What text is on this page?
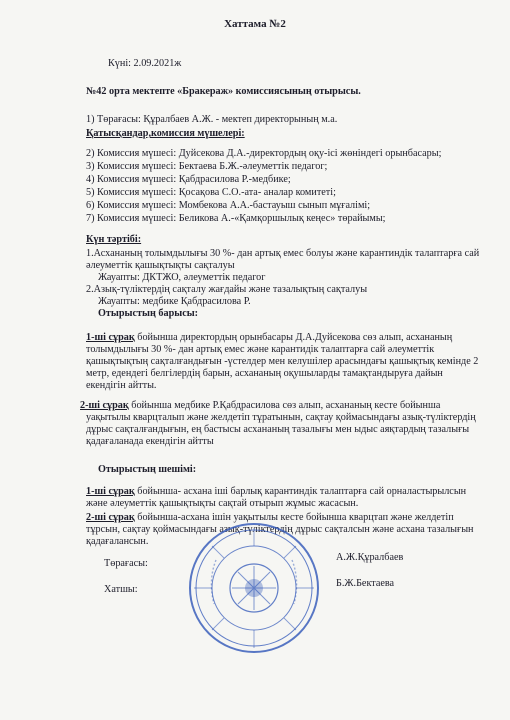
Хаттама №2
Күні: 2.09.2021ж
№42 орта мектепте «Бракераж» комиссиясының отырысы.
1) Төрағасы: Құралбаев А.Ж. - мектеп директорының м.а.
Қатысқандар,комиссия мүшелері:
2) Комиссия мүшесі: Дуйсекова Д.А.-директордың оқу-ісі жөніндегі орынбасары;
3) Комиссия мүшесі: Бектаева Б.Ж.-әлеуметтік педагог;
4) Комиссия мүшесі: Қабдрасилова Р.-медбике;
5) Комиссия мүшесі: Қосақова С.О.-ата- аналар комитеті;
6) Комиссия мүшесі: Момбекова А.А.-бастауыш сынып мұғалімі;
7) Комиссия мүшесі: Беликова А.-«Қамқоршылық кеңес» төрайымы;
Күн тәртібі:
1.Асхананың толымдылығы 30 %- дан артық емес болуы және карантиндік талаптарға сай
әлеуметтік қашықтықты сақталуы
Жауапты: ДКТЖО, әлеуметтік педагог
2.Азық-түліктердің сақталу жағдайы және тазалықтың сақталуы
Жауапты: медбике Қабдрасилова Р.
Отырыстың барысы:
1-ші сұрақ бойынша директордың орынбасары Д.А.Дуйсекова сөз алып, асхананың
толымдылығы 30 %- дан артық емес және карантидік талаптарға сай әлеуметтік
қашықтықтың сақталғандығын -үстелдер мен келушілер арасындағы қашықтық кемінде 2
метр, едендегі белгілердің барын, асхананың оқушыларды тамақтандыруға дайын
екендігін айтты.
2-ші сұрақ бойынша медбике Р.Қабдрасилова сөз алып, асхананың кесте бойынша
уақытылы кварцталып және желдетіп тұратынын, сақтау қоймасындағы азық-түліктердің
дұрыс сақталғандығын, ең бастысы асхананың тазалығы мен ыдыс аяқтардың тазалығы
қадағаланада екендігін айтты
Отырыстың шешімі:
1-ші сұрақ бойынша- асхана іші барлық карантиндік талаптарға сай орналастырылсын
және әлеуметтік қашықтықты сақтай отырып жұмыс жасасын.
2-ші сұрақ бойынша-асхана ішін уақытылы кесте бойынша кварцтап және желдетіп
тұрсын, сақтау қоймасындағы азық-түліктердің дұрыс сақталсын және асхана тазалығын
қадағалансын.
Төрағасы:
А.Ж.Құралбаев
Хатшы:
Б.Ж.Бектаева
